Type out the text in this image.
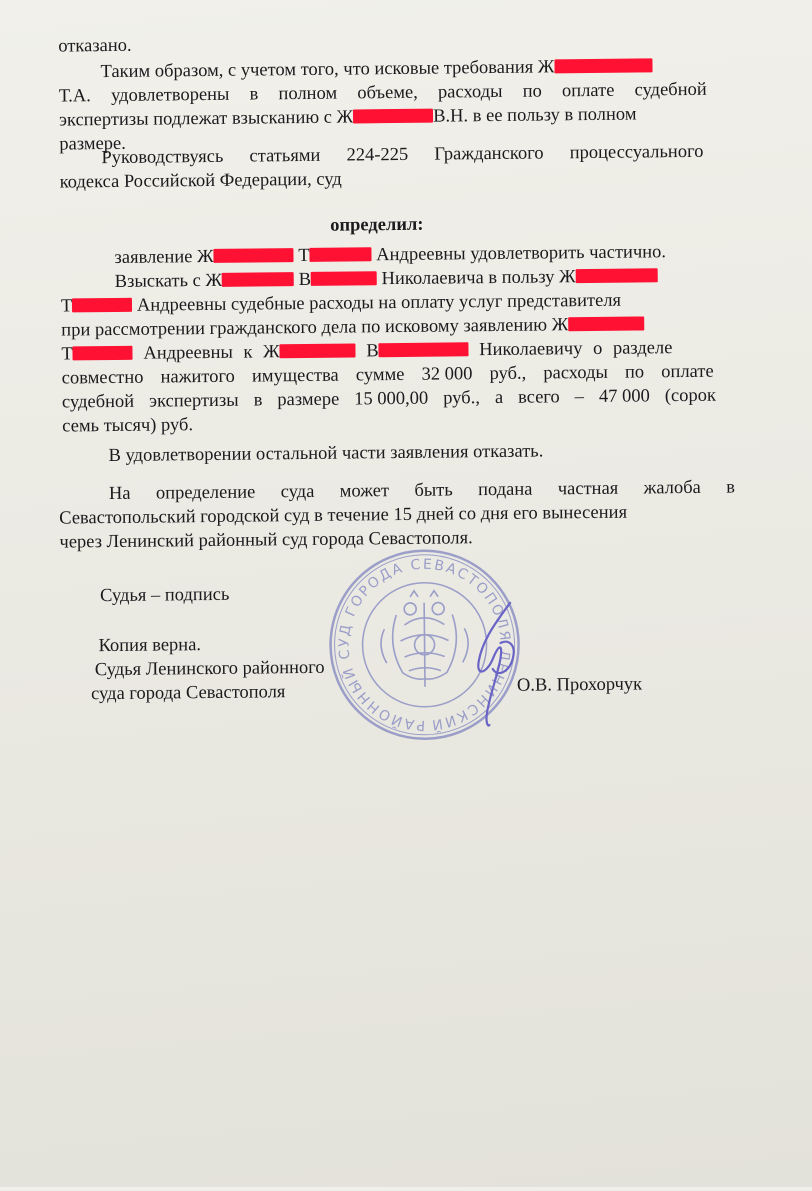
отказано.
Таким образом, с учетом того, что исковые требования Ж
Т.А. удовлетворены в полном объеме, расходы по оплате судебной
экспертизы подлежат взысканию с Ж	В.Н. в ее пользу в полном
размере.
Руководствуясь статьями 224-225 Гражданского процессуального
кодекса Российской Федерации, суд
определил:
заявление Ж	Т	Андреевны удовлетворить частично.
Взыскать с Ж	В	Николаевича в пользу Ж
Т	Андреевны судебные расходы на оплату услуг представителя
при рассмотрении гражданского дела по исковому заявлению Ж
Т	Андреевны к Ж	В	Николаевичу о разделе
совместно нажитого имущества сумме 32 000 руб., расходы по оплате
судебной экспертизы в размере 15 000,00 руб., а всего – 47 000 (сорок
семь тысяч) руб.
В удовлетворении остальной части заявления отказать.
На определение суда может быть подана частная жалоба в
Севастопольский городской суд в течение 15 дней со дня его вынесения
через Ленинский районный суд города Севастополя.
Судья – подпись
Копия верна.
Судья Ленинского районного
суда города Севастополя	О.В. Прохорчук
РАЙОННЫЙ СУД ГОРОДА СЕВАСТОПОЛЯ ЛЕНИНСКИЙ
